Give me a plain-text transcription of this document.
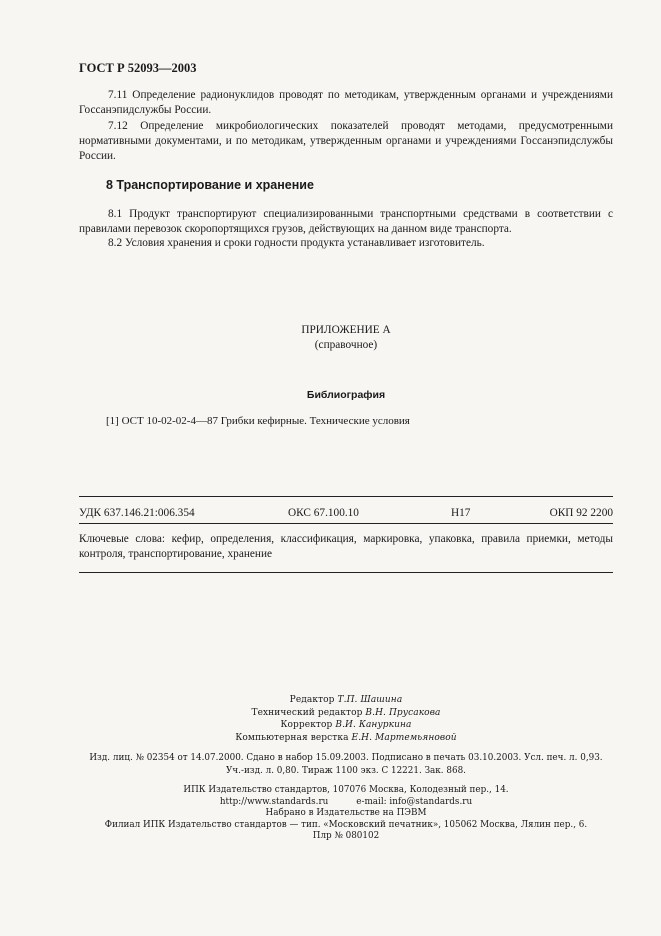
ГОСТ Р 52093—2003

7.11 Определение радионуклидов проводят по методикам, утвержденным органами и учреждениями Госсанэпидслужбы России.

7.12 Определение микробиологических показателей проводят методами, предусмотренными нормативными документами, и по методикам, утвержденным органами и учреждениями Госсанэпидслужбы России.

8 Транспортирование и хранение

8.1 Продукт транспортируют специализированными транспортными средствами в соответствии с правилами перевозок скоропортящихся грузов, действующих на данном виде транспорта.

8.2 Условия хранения и сроки годности продукта устанавливает изготовитель.

ПРИЛОЖЕНИЕ А
(справочное)
Библиография
[1] ОСТ 10-02-02-4—87 Грибки кефирные. Технические условия
УДК 637.146.21:006.354	ОКС 67.100.10	Н17	ОКП 92 2200
Ключевые слова: кефир, определения, классификация, маркировка, упаковка, правила приемки, методы контроля, транспортирование, хранение
Редактор Т.П. Шашина
Технический редактор В.Н. Прусакова
Корректор В.И. Кануркина
Компьютерная верстка Е.Н. Мартемьяновой
Изд. лиц. № 02354 от 14.07.2000. Сдано в набор 15.09.2003. Подписано в печать 03.10.2003. Усл. печ. л. 0,93.
Уч.-изд. л. 0,80. Тираж 1100 экз. С 12221. Зак. 868.
ИПК Издательство стандартов, 107076 Москва, Колодезный пер., 14.
http://www.standards.ru	e-mail: info@standards.ru
Набрано в Издательстве на ПЭВМ
Филиал ИПК Издательство стандартов — тип. «Московский печатник», 105062 Москва, Лялин пер., 6.
Плр № 080102
